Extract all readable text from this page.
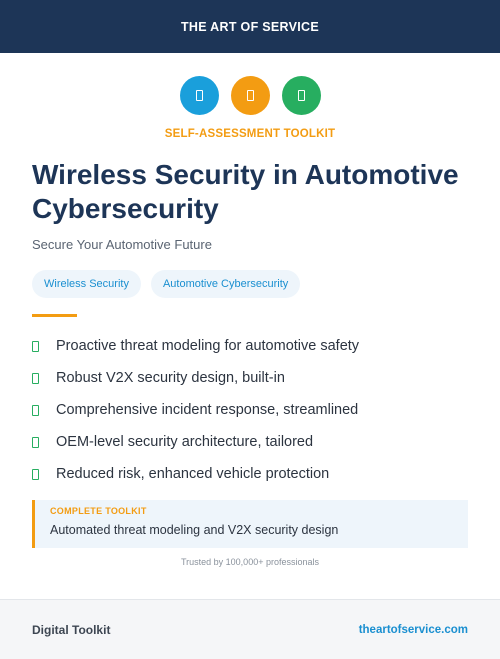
THE ART OF SERVICE
SELF-ASSESSMENT TOOLKIT
Wireless Security in Automotive Cybersecurity
Secure Your Automotive Future
Wireless Security	Automotive Cybersecurity
Proactive threat modeling for automotive safety
Robust V2X security design, built-in
Comprehensive incident response, streamlined
OEM-level security architecture, tailored
Reduced risk, enhanced vehicle protection
COMPLETE TOOLKIT
Automated threat modeling and V2X security design
Trusted by 100,000+ professionals
Digital Toolkit	theartofservice.com
